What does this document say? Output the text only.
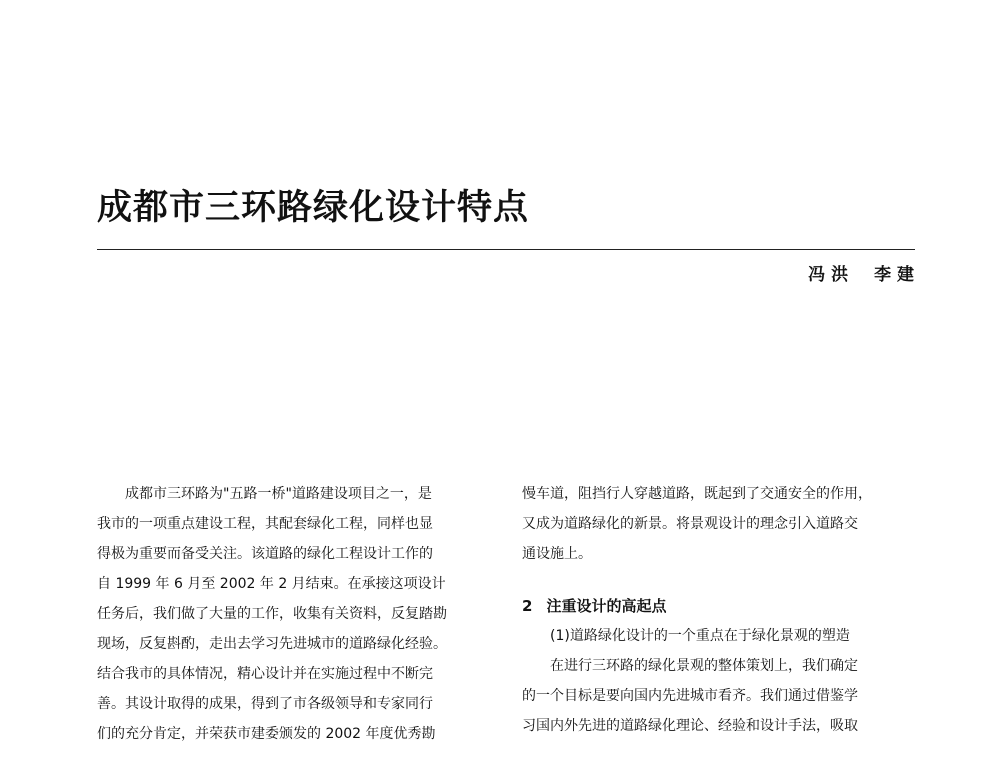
成都市三环路绿化设计特点
冯 洪 李 建

成都市三环路为"五路一桥"道路建设项目之一，是

我市的一项重点建设工程，其配套绿化工程，同样也显

得极为重要而备受关注。该道路的绿化工程设计工作的

自 1999 年 6 月至 2002 年 2 月结束。在承接这项设计

任务后，我们做了大量的工作，收集有关资料，反复踏勘

现场，反复斟酌，走出去学习先进城市的道路绿化经验。

结合我市的具体情况，精心设计并在实施过程中不断完

善。其设计取得的成果，得到了市各级领导和专家同行

们的充分肯定，并荣获市建委颁发的 2002 年度优秀勘

慢车道，阻挡行人穿越道路，既起到了交通安全的作用，

又成为道路绿化的新景。将景观设计的理念引入道路交

通设施上。

2 注重设计的高起点

(1)道路绿化设计的一个重点在于绿化景观的塑造

在进行三环路的绿化景观的整体策划上，我们确定

的一个目标是要向国内先进城市看齐。我们通过借鉴学

习国内外先进的道路绿化理论、经验和设计手法，吸取
